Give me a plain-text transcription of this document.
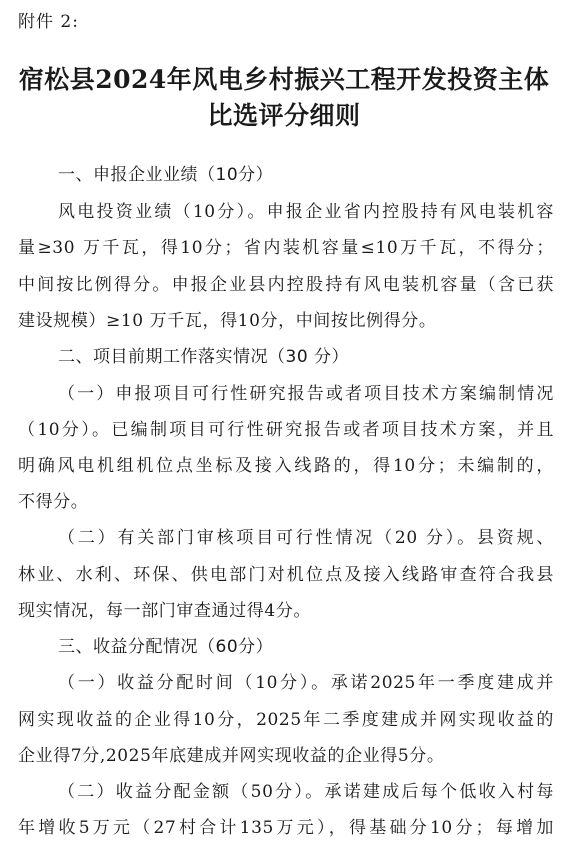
附件 2:
宿松县2024年风电乡村振兴工程开发投资主体
比选评分细则
一、申报企业业绩（10分）
风电投资业绩（10分）。申报企业省内控股持有风电装机容
量≥30 万千瓦，得10分；省内装机容量≤10万千瓦，不得分；
中间按比例得分。申报企业县内控股持有风电装机容量（含已获
建设规模）≥10 万千瓦，得10分，中间按比例得分。
二、项目前期工作落实情况（30 分）
（一）申报项目可行性研究报告或者项目技术方案编制情况
（10分）。已编制项目可行性研究报告或者项目技术方案，并且
明确风电机组机位点坐标及接入线路的，得10分；未编制的，
不得分。
（二）有关部门审核项目可行性情况（20 分）。县资规、
林业、水利、环保、供电部门对机位点及接入线路审查符合我县
现实情况，每一部门审查通过得4分。
三、收益分配情况（60分）
（一）收益分配时间（10分）。承诺2025年一季度建成并
网实现收益的企业得10分，2025年二季度建成并网实现收益的
企业得7分,2025年底建成并网实现收益的企业得5分。
（二）收益分配金额（50分）。承诺建成后每个低收入村每
年增收5万元（27村合计135万元），得基础分10分；每增加
